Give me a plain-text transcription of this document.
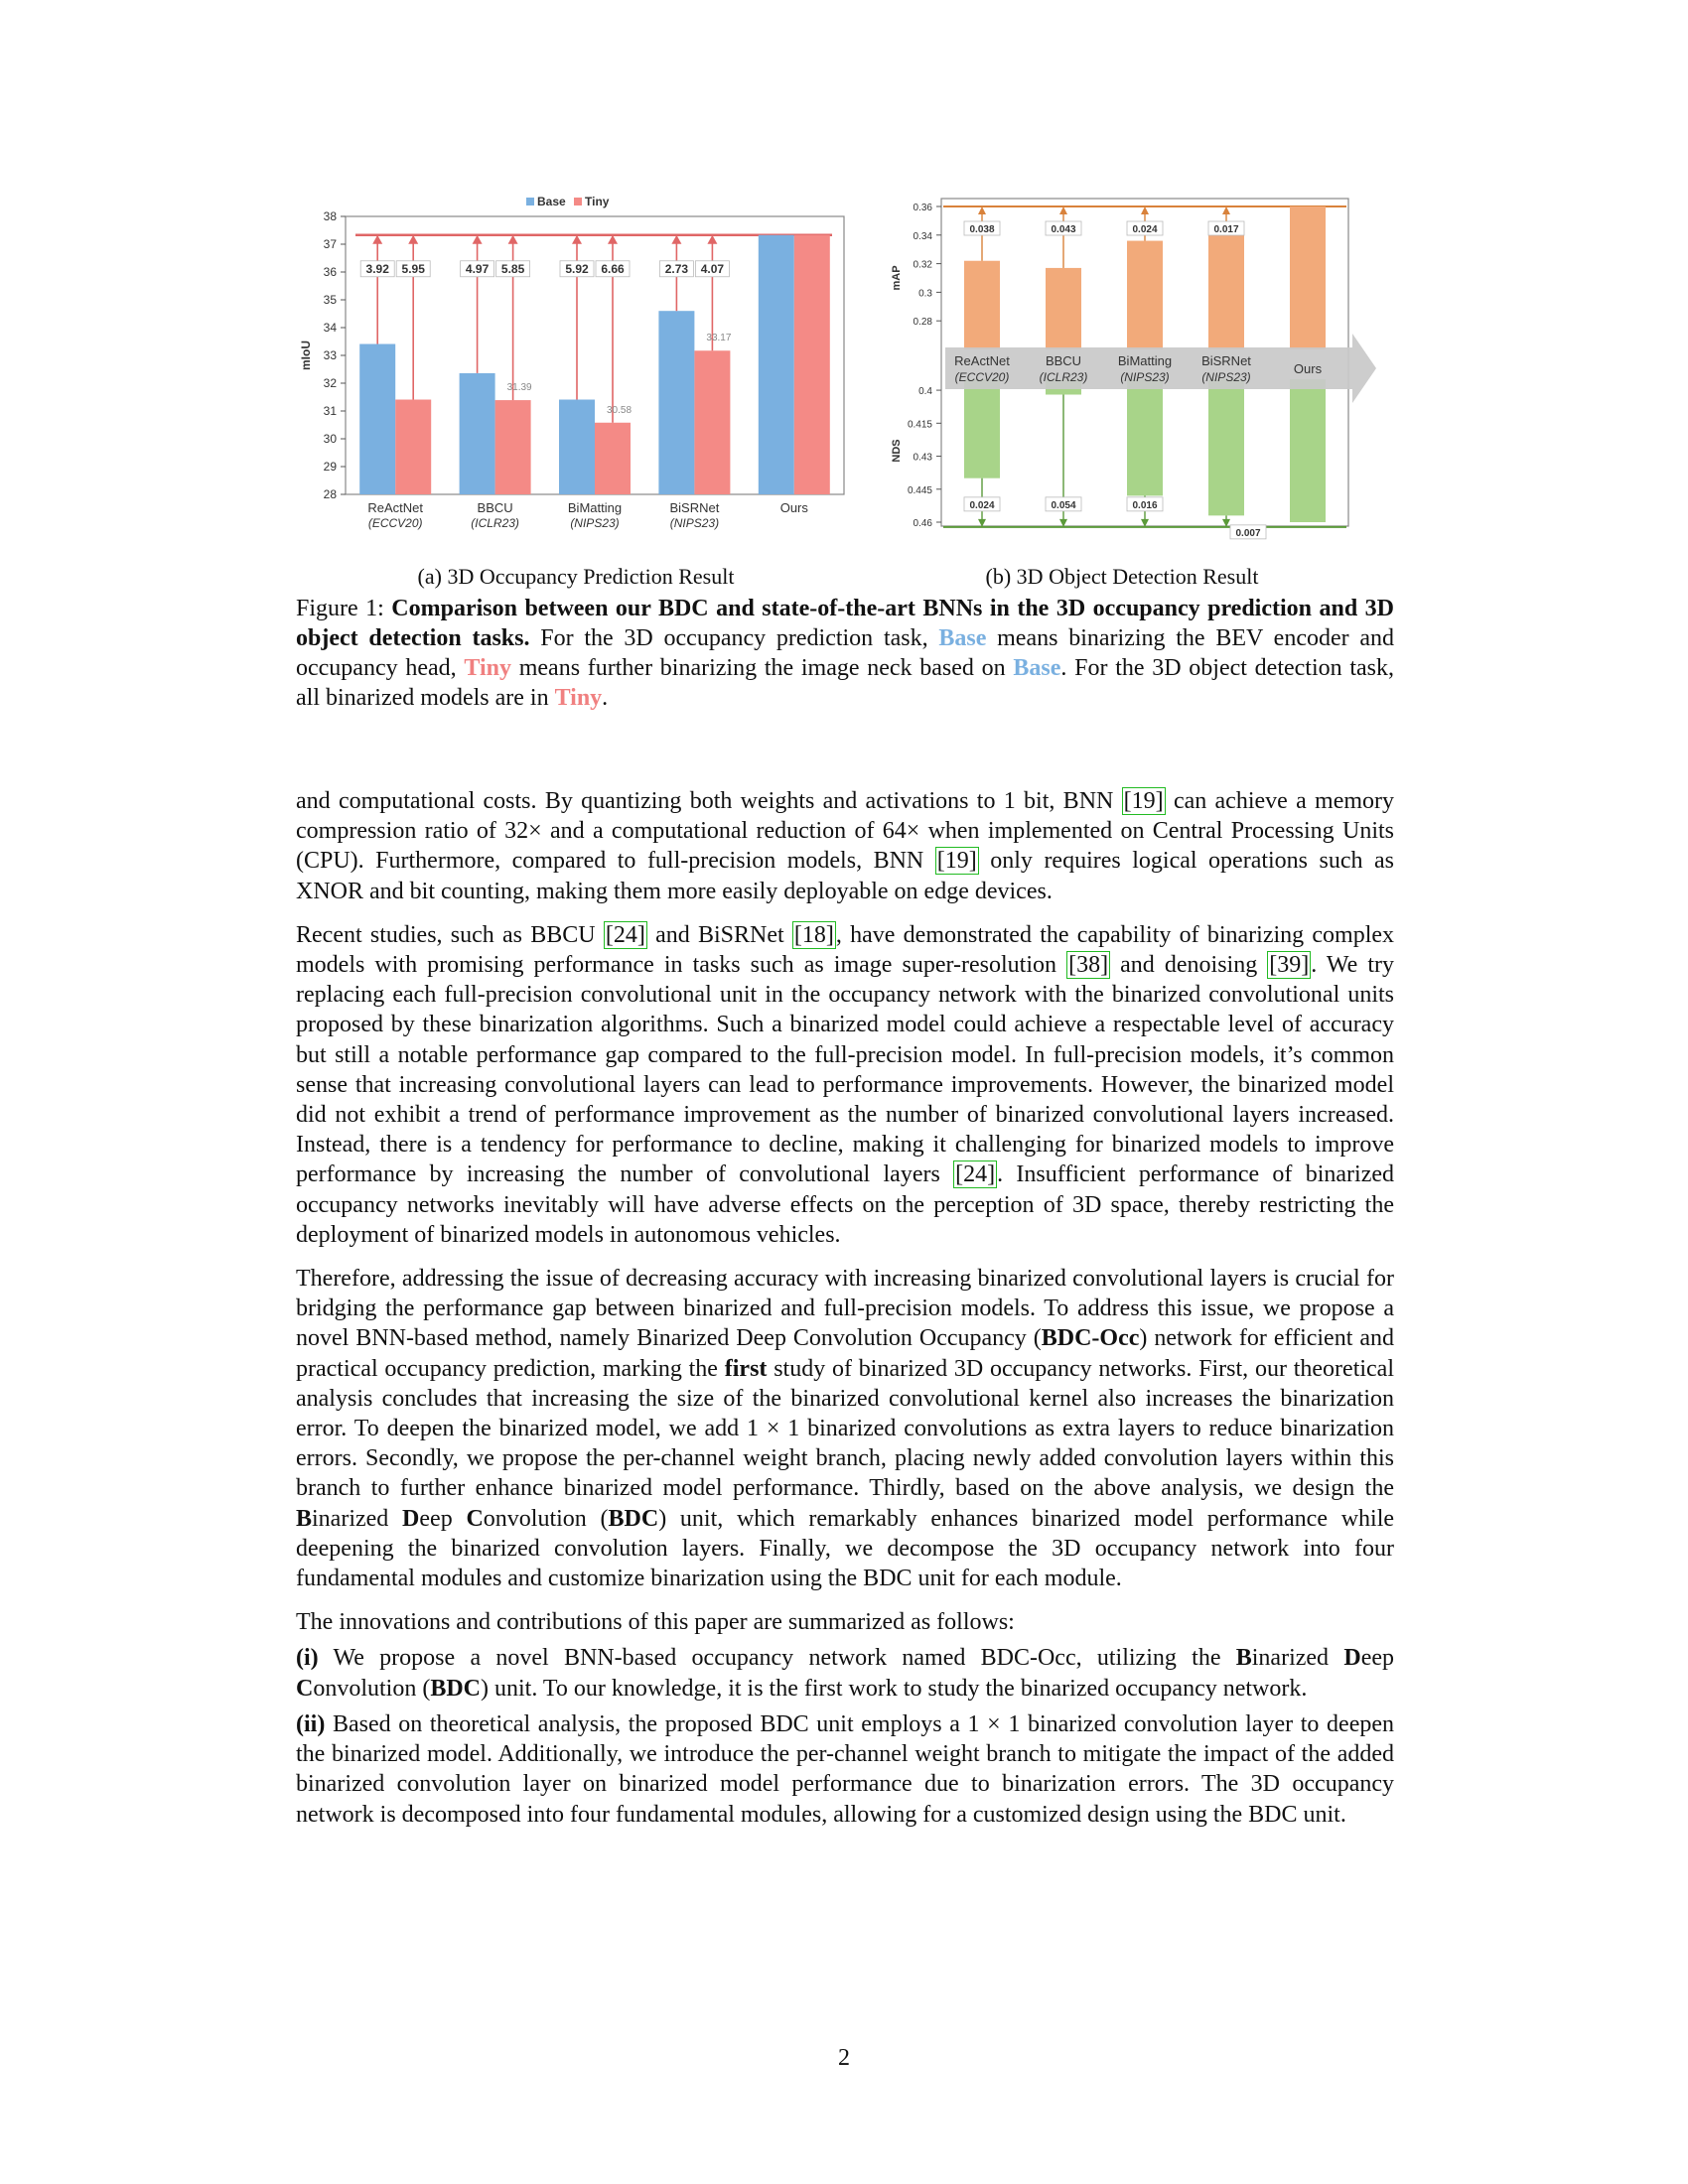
28
29
30
31
32
33
34
35
36
37
38
mIoU
Base Tiny
ReActNet
(ECCV20)
3.92 5.95
BBCU
(ICLR23)
4.97 5.85
31.39
BiMatting
(NIPS23)
5.92 6.66
30.58
BiSRNet
(NIPS23)
2.73 4.07
33.17
Ours
0.28
0.3
0.32
0.34
0.36
0.4
0.415
0.43
0.445
0.46
mAP
NDS
0.038
0.024
0.043
0.054
0.024
0.016
0.017
0.007
ReActNet
(ECCV20)
BBCU
(ICLR23)
BiMatting
(NIPS23)
BiSRNet
(NIPS23)
Ours
(a) 3D Occupancy Prediction Result	(b) 3D Object Detection Result
Figure 1: Comparison between our BDC and state-of-the-art BNNs in the 3D occupancy prediction and 3D object detection tasks. For the 3D occupancy prediction task, Base means binarizing the BEV encoder and occupancy head, Tiny means further binarizing the image neck based on Base. For the 3D object detection task, all binarized models are in Tiny.

and computational costs. By quantizing both weights and activations to 1 bit, BNN [19] can achieve a memory compression ratio of 32× and a computational reduction of 64× when implemented on Central Processing Units (CPU). Furthermore, compared to full-precision models, BNN [19] only requires logical operations such as XNOR and bit counting, making them more easily deployable on edge devices.

Recent studies, such as BBCU [24] and BiSRNet [18], have demonstrated the capability of binarizing complex models with promising performance in tasks such as image super-resolution [38] and denoising [39]. We try replacing each full-precision convolutional unit in the occupancy network with the binarized convolutional units proposed by these binarization algorithms. Such a binarized model could achieve a respectable level of accuracy but still a notable performance gap compared to the full-precision model. In full-precision models, it’s common sense that increasing convolutional layers can lead to performance improvements. However, the binarized model did not exhibit a trend of performance improvement as the number of binarized convolutional layers increased. Instead, there is a tendency for performance to decline, making it challenging for binarized models to improve performance by increasing the number of convolutional layers [24]. Insufficient performance of binarized occupancy networks inevitably will have adverse effects on the perception of 3D space, thereby restricting the deployment of binarized models in autonomous vehicles.

Therefore, addressing the issue of decreasing accuracy with increasing binarized convolutional layers is crucial for bridging the performance gap between binarized and full-precision models. To address this issue, we propose a novel BNN-based method, namely Binarized Deep Convolution Occupancy (BDC-Occ) network for efficient and practical occupancy prediction, marking the first study of binarized 3D occupancy networks. First, our theoretical analysis concludes that increasing the size of the binarized convolutional kernel also increases the binarization error. To deepen the binarized model, we add 1 × 1 binarized convolutions as extra layers to reduce binarization errors. Secondly, we propose the per-channel weight branch, placing newly added convolution layers within this branch to further enhance binarized model performance. Thirdly, based on the above analysis, we design the Binarized Deep Convolution (BDC) unit, which remarkably enhances binarized model performance while deepening the binarized convolution layers. Finally, we decompose the 3D occupancy network into four fundamental modules and customize binarization using the BDC unit for each module.

The innovations and contributions of this paper are summarized as follows:

(i) We propose a novel BNN-based occupancy network named BDC-Occ, utilizing the Binarized Deep Convolution (BDC) unit. To our knowledge, it is the first work to study the binarized occupancy network.

(ii) Based on theoretical analysis, the proposed BDC unit employs a 1 × 1 binarized convolution layer to deepen the binarized model. Additionally, we introduce the per-channel weight branch to mitigate the impact of the added binarized convolution layer on binarized model performance due to binarization errors. The 3D occupancy network is decomposed into four fundamental modules, allowing for a customized design using the BDC unit.

2
